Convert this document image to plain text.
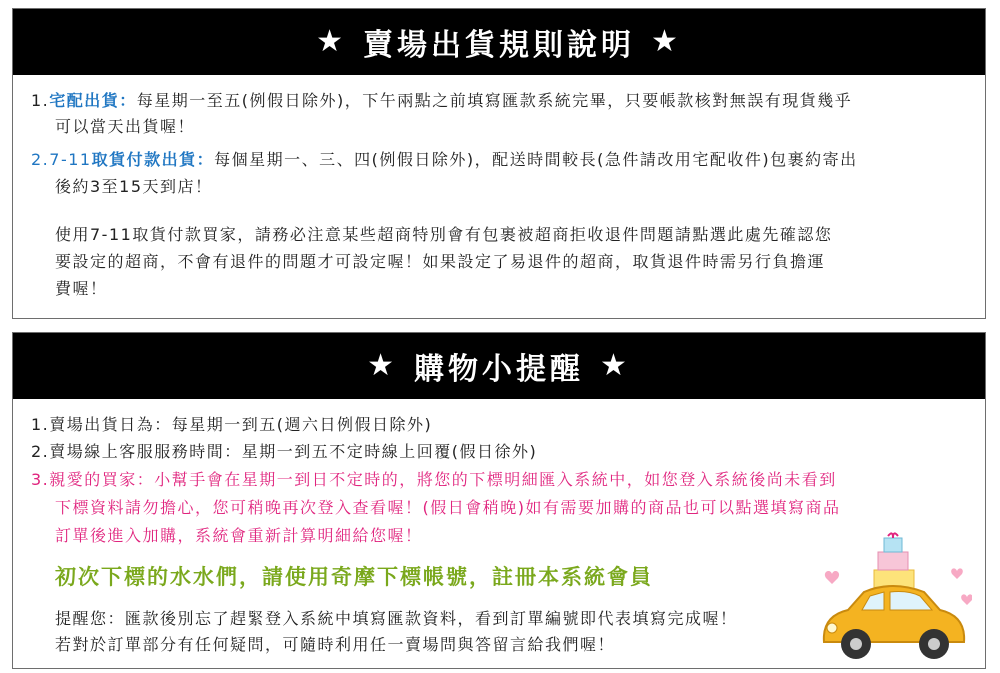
★ 賣場出貨規則說明 ★
1.宅配出貨：每星期一至五(例假日除外)，下午兩點之前填寫匯款系統完畢，只要帳款核對無誤有現貨幾乎
可以當天出貨喔！
2.7-11取貨付款出貨：每個星期一、三、四(例假日除外)，配送時間較長(急件請改用宅配收件)包裹約寄出
後約3至15天到店！
使用7-11取貨付款買家，請務必注意某些超商特別會有包裹被超商拒收退件問題請點選此處先確認您
要設定的超商，不會有退件的問題才可設定喔！如果設定了易退件的超商，取貨退件時需另行負擔運
費喔！
★ 購物小提醒 ★
1.賣場出貨日為：每星期一到五(週六日例假日除外)
2.賣場線上客服服務時間：星期一到五不定時線上回覆(假日徐外)
3.親愛的買家：小幫手會在星期一到日不定時的，將您的下標明細匯入系統中，如您登入系統後尚未看到
下標資料請勿擔心，您可稍晚再次登入查看喔！(假日會稍晚)如有需要加購的商品也可以點選填寫商品
訂單後進入加購，系統會重新計算明細給您喔！
初次下標的水水們，請使用奇摩下標帳號，註冊本系統會員
提醒您：匯款後別忘了趕緊登入系統中填寫匯款資料，看到訂單編號即代表填寫完成喔！
若對於訂單部分有任何疑問，可隨時利用任一賣場問與答留言給我們喔！
